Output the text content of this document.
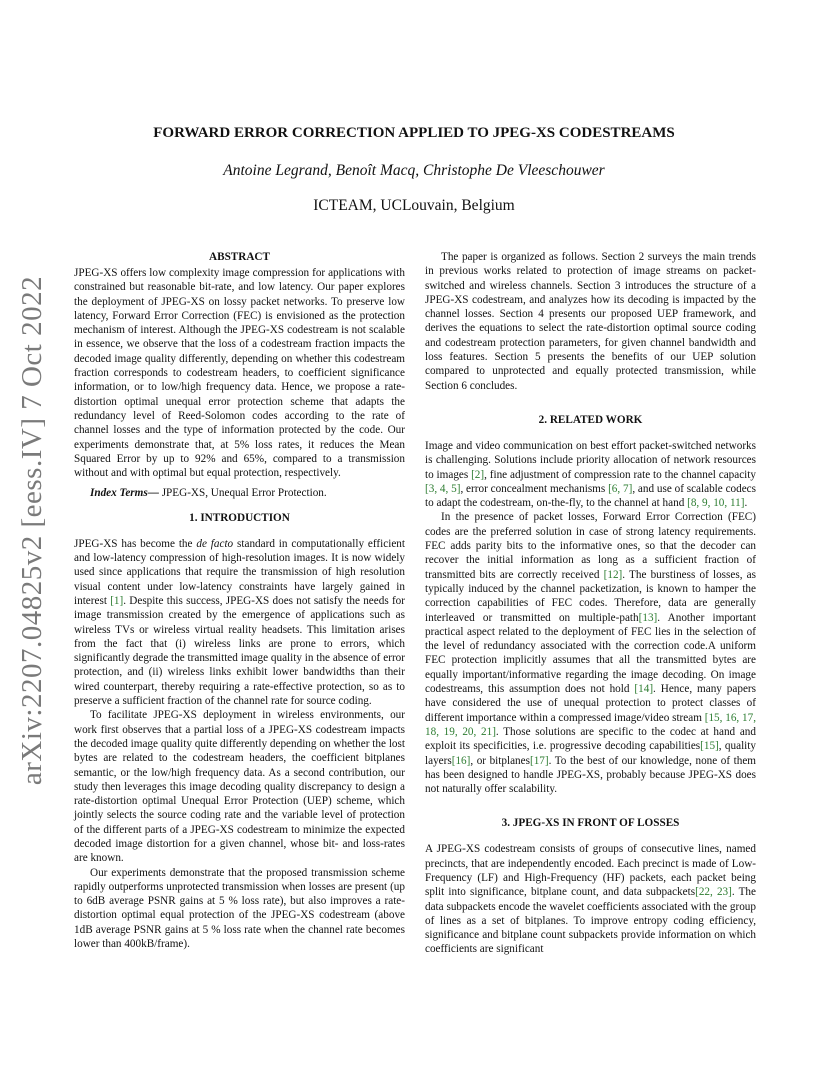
arXiv:2207.04825v2 [eess.IV] 7 Oct 2022
FORWARD ERROR CORRECTION APPLIED TO JPEG-XS CODESTREAMS
Antoine Legrand, Benoît Macq, Christophe De Vleeschouwer
ICTEAM, UCLouvain, Belgium
ABSTRACT

JPEG-XS offers low complexity image compression for applications with constrained but reasonable bit-rate, and low latency. Our paper explores the deployment of JPEG-XS on lossy packet networks. To preserve low latency, Forward Error Correction (FEC) is envisioned as the protection mechanism of interest. Although the JPEG-XS codestream is not scalable in essence, we observe that the loss of a codestream fraction impacts the decoded image quality differently, depending on whether this codestream fraction corresponds to codestream headers, to coefficient significance information, or to low/high frequency data. Hence, we propose a rate-distortion optimal unequal error protection scheme that adapts the redundancy level of Reed-Solomon codes according to the rate of channel losses and the type of information protected by the code. Our experiments demonstrate that, at 5% loss rates, it reduces the Mean Squared Error by up to 92% and 65%, compared to a transmission without and with optimal but equal protection, respectively.

Index Terms— JPEG-XS, Unequal Error Protection.

1. INTRODUCTION

JPEG-XS has become the de facto standard in computationally efficient and low-latency compression of high-resolution images. It is now widely used since applications that require the transmission of high resolution visual content under low-latency constraints have largely gained in interest [1]. Despite this success, JPEG-XS does not satisfy the needs for image transmission created by the emergence of applications such as wireless TVs or wireless virtual reality headsets. This limitation arises from the fact that (i) wireless links are prone to errors, which significantly degrade the transmitted image quality in the absence of error protection, and (ii) wireless links exhibit lower bandwidths than their wired counterpart, thereby requiring a rate-effective protection, so as to preserve a sufficient fraction of the channel rate for source coding.

To facilitate JPEG-XS deployment in wireless environments, our work first observes that a partial loss of a JPEG-XS codestream impacts the decoded image quality quite differently depending on whether the lost bytes are related to the codestream headers, the coefficient bitplanes semantic, or the low/high frequency data. As a second contribution, our study then leverages this image decoding quality discrepancy to design a rate-distortion optimal Unequal Error Protection (UEP) scheme, which jointly selects the source coding rate and the variable level of protection of the different parts of a JPEG-XS codestream to minimize the expected decoded image distortion for a given channel, whose bit- and loss-rates are known.

Our experiments demonstrate that the proposed transmission scheme rapidly outperforms unprotected transmission when losses are present (up to 6dB average PSNR gains at 5 % loss rate), but also improves a rate-distortion optimal equal protection of the JPEG-XS codestream (above 1dB average PSNR gains at 5 % loss rate when the channel rate becomes lower than 400kB/frame).

The paper is organized as follows. Section 2 surveys the main trends in previous works related to protection of image streams on packet-switched and wireless channels. Section 3 introduces the structure of a JPEG-XS codestream, and analyzes how its decoding is impacted by the channel losses. Section 4 presents our proposed UEP framework, and derives the equations to select the rate-distortion optimal source coding and codestream protection parameters, for given channel bandwidth and loss features. Section 5 presents the benefits of our UEP solution compared to unprotected and equally protected transmission, while Section 6 concludes.

2. RELATED WORK

Image and video communication on best effort packet-switched networks is challenging. Solutions include priority allocation of network resources to images [2], fine adjustment of compression rate to the channel capacity [3, 4, 5], error concealment mechanisms [6, 7], and use of scalable codecs to adapt the codestream, on-the-fly, to the channel at hand [8, 9, 10, 11].

In the presence of packet losses, Forward Error Correction (FEC) codes are the preferred solution in case of strong latency requirements. FEC adds parity bits to the informative ones, so that the decoder can recover the initial information as long as a sufficient fraction of transmitted bits are correctly received [12]. The burstiness of losses, as typically induced by the channel packetization, is known to hamper the correction capabilities of FEC codes. Therefore, data are generally interleaved or transmitted on multiple-path[13]. Another important practical aspect related to the deployment of FEC lies in the selection of the level of redundancy associated with the correction code.A uniform FEC protection implicitly assumes that all the transmitted bytes are equally important/informative regarding the image decoding. On image codestreams, this assumption does not hold [14]. Hence, many papers have considered the use of unequal protection to protect classes of different importance within a compressed image/video stream [15, 16, 17, 18, 19, 20, 21]. Those solutions are specific to the codec at hand and exploit its specificities, i.e. progressive decoding capabilities[15], quality layers[16], or bitplanes[17]. To the best of our knowledge, none of them has been designed to handle JPEG-XS, probably because JPEG-XS does not naturally offer scalability.

3. JPEG-XS IN FRONT OF LOSSES

A JPEG-XS codestream consists of groups of consecutive lines, named precincts, that are independently encoded. Each precinct is made of Low-Frequency (LF) and High-Frequency (HF) packets, each packet being split into significance, bitplane count, and data subpackets[22, 23]. The data subpackets encode the wavelet coefficients associated with the group of lines as a set of bitplanes. To improve entropy coding efficiency, significance and bitplane count subpackets provide information on which coefficients are significant
